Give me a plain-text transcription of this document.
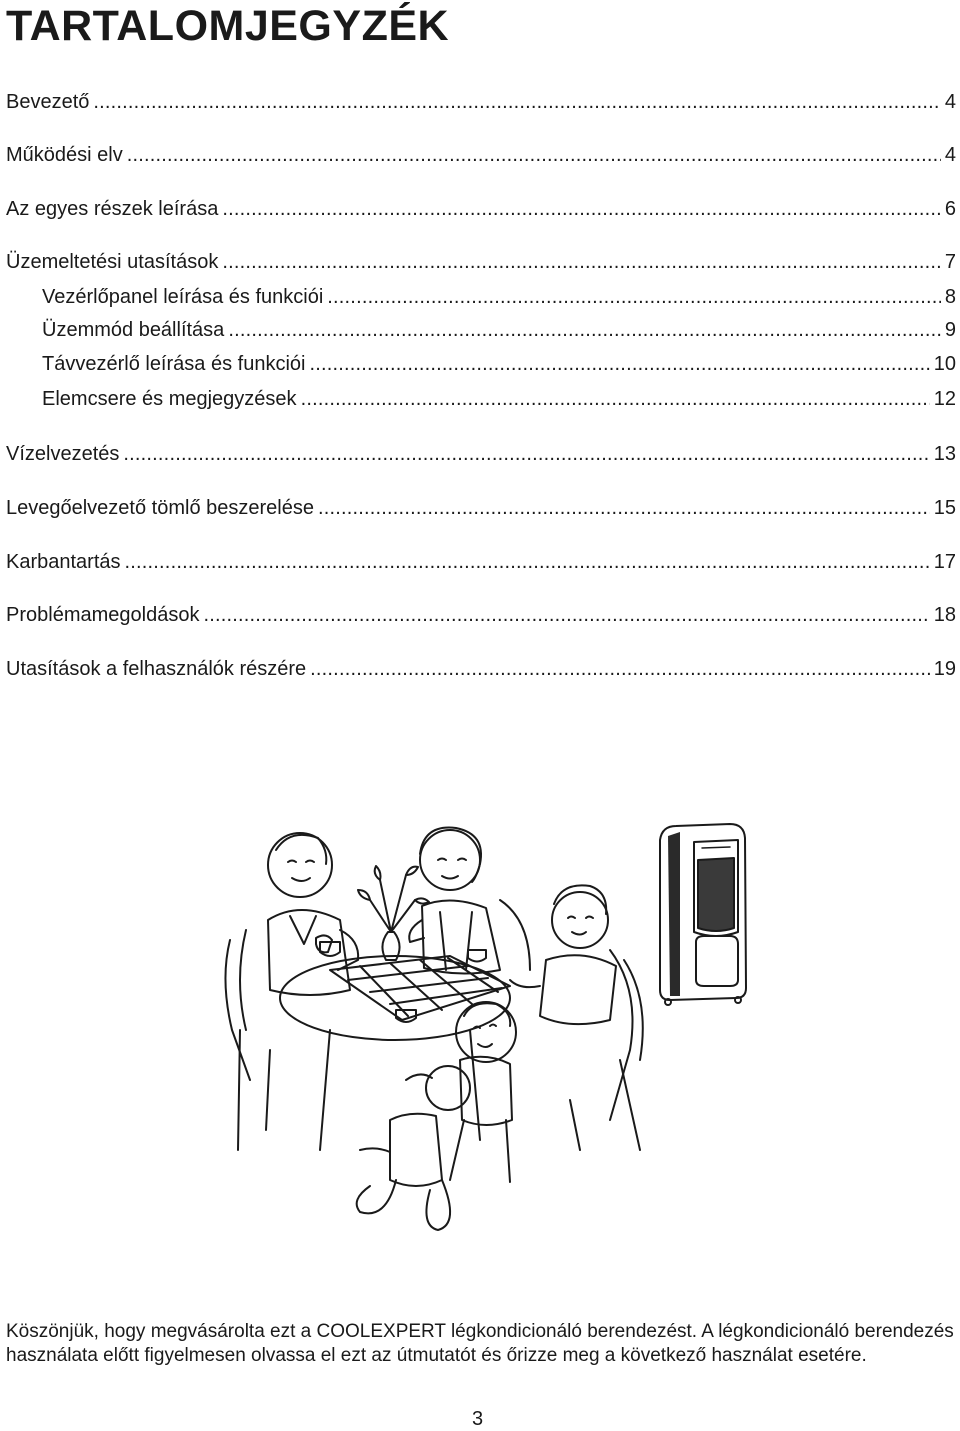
TARTALOMJEGYZÉK
Bevezető .....	4
Működési elv .....	4
Az egyes részek leírása .....	6
Üzemeltetési utasítások .....	7
Vezérlőpanel leírása és funkciói .....	8
Üzemmód beállítása .....	9
Távvezérlő leírása és funkciói .....	10
Elemcsere és megjegyzések .....	12
Vízelvezetés .....	13
Levegőelvezető tömlő beszerelése .....	15
Karbantartás .....	17
Problémamegoldások .....	18
Utasítások a felhasználók részére .....	19

Köszönjük, hogy megvásárolta ezt a COOLEXPERT légkondicionáló berendezést. A légkondicionáló berendezés használata előtt figyelmesen olvassa el ezt az útmutatót és őrizze meg a következő használat esetére.

3
